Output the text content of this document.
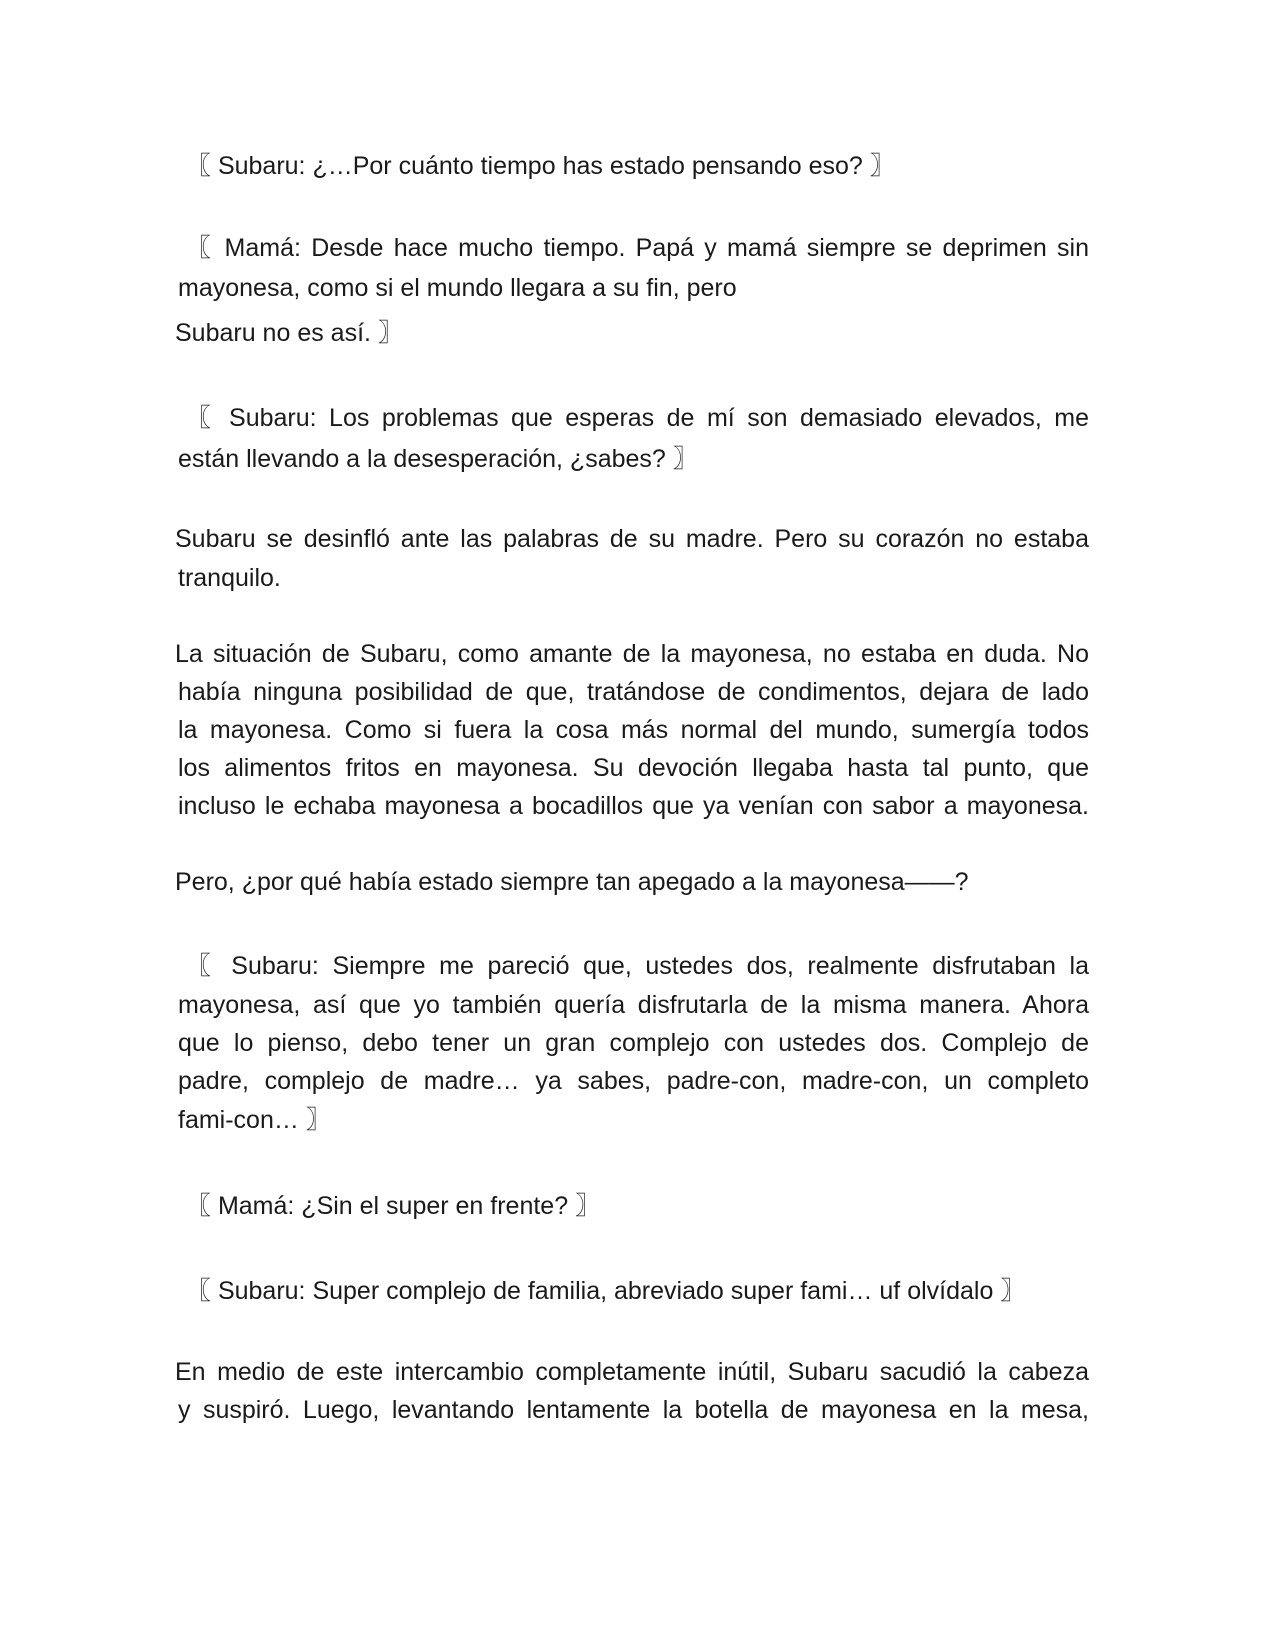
〖 Subaru: ¿…Por cuánto tiempo has estado pensando eso? 〗

〖 Mamá: Desde hace mucho tiempo. Papá y mamá siempre se deprimen sin

mayonesa, como si el mundo llegara a su fin, pero

Subaru no es así. 〗

〖 Subaru: Los problemas que esperas de mí son demasiado elevados, me

están llevando a la desesperación, ¿sabes? 〗

Subaru se desinfló ante las palabras de su madre. Pero su corazón no estaba

tranquilo.

La situación de Subaru, como amante de la mayonesa, no estaba en duda. No

había ninguna posibilidad de que, tratándose de condimentos, dejara de lado

la mayonesa. Como si fuera la cosa más normal del mundo, sumergía todos

los alimentos fritos en mayonesa. Su devoción llegaba hasta tal punto, que

incluso le echaba mayonesa a bocadillos que ya venían con sabor a mayonesa.

Pero, ¿por qué había estado siempre tan apegado a la mayonesa——?

〖 Subaru: Siempre me pareció que, ustedes dos, realmente disfrutaban la

mayonesa, así que yo también quería disfrutarla de la misma manera. Ahora

que lo pienso, debo tener un gran complejo con ustedes dos. Complejo de

padre, complejo de madre… ya sabes, padre-con, madre-con, un completo

fami-con… 〗

〖 Mamá: ¿Sin el super en frente? 〗

〖 Subaru: Super complejo de familia, abreviado super fami… uf olvídalo 〗

En medio de este intercambio completamente inútil, Subaru sacudió la cabeza

y suspiró. Luego, levantando lentamente la botella de mayonesa en la mesa,
